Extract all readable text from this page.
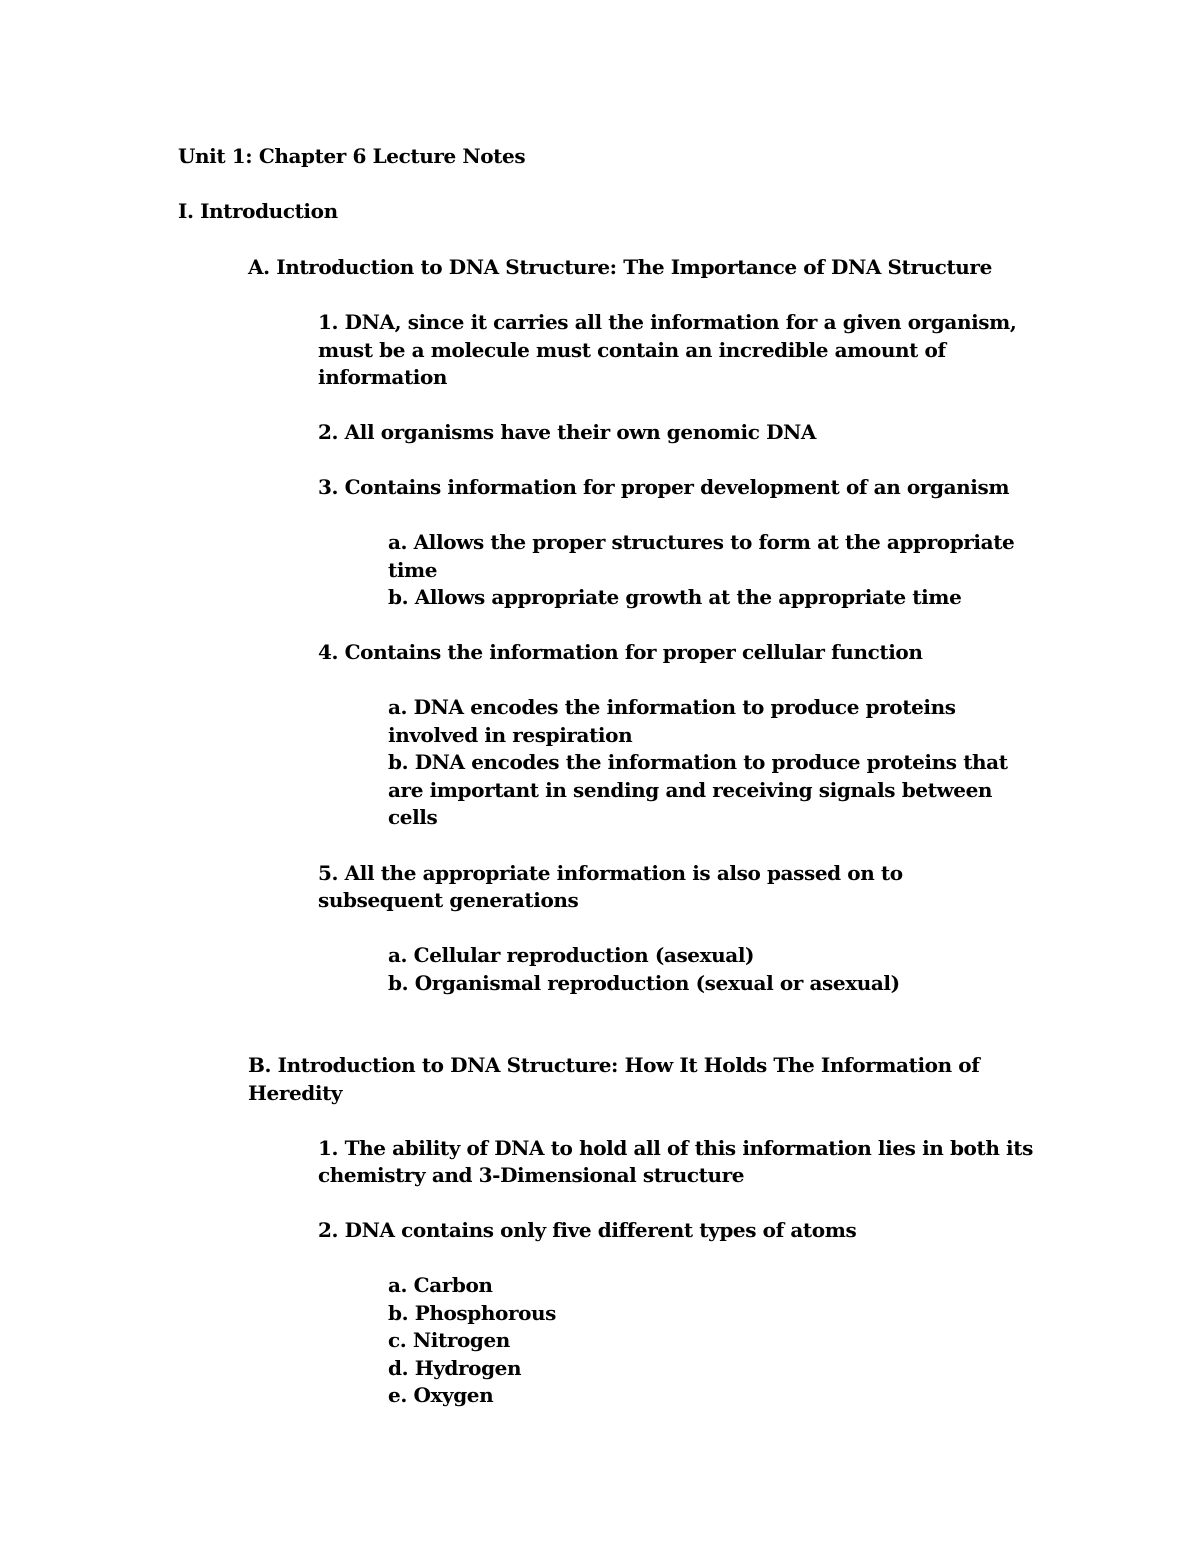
Unit 1: Chapter 6 Lecture Notes
I. Introduction
A. Introduction to DNA Structure: The Importance of DNA Structure
1. DNA, since it carries all the information for a given organism,
must be a molecule must contain an incredible amount of
information
2. All organisms have their own genomic DNA
3. Contains information for proper development of an organism
a. Allows the proper structures to form at the appropriate
time
b. Allows appropriate growth at the appropriate time
4. Contains the information for proper cellular function
a. DNA encodes the information to produce proteins
involved in respiration
b. DNA encodes the information to produce proteins that
are important in sending and receiving signals between
cells
5. All the appropriate information is also passed on to
subsequent generations
a. Cellular reproduction (asexual)
b. Organismal reproduction (sexual or asexual)
B. Introduction to DNA Structure: How It Holds The Information of
Heredity
1. The ability of DNA to hold all of this information lies in both its
chemistry and 3-Dimensional structure
2. DNA contains only five different types of atoms
a. Carbon
b. Phosphorous
c. Nitrogen
d. Hydrogen
e. Oxygen
